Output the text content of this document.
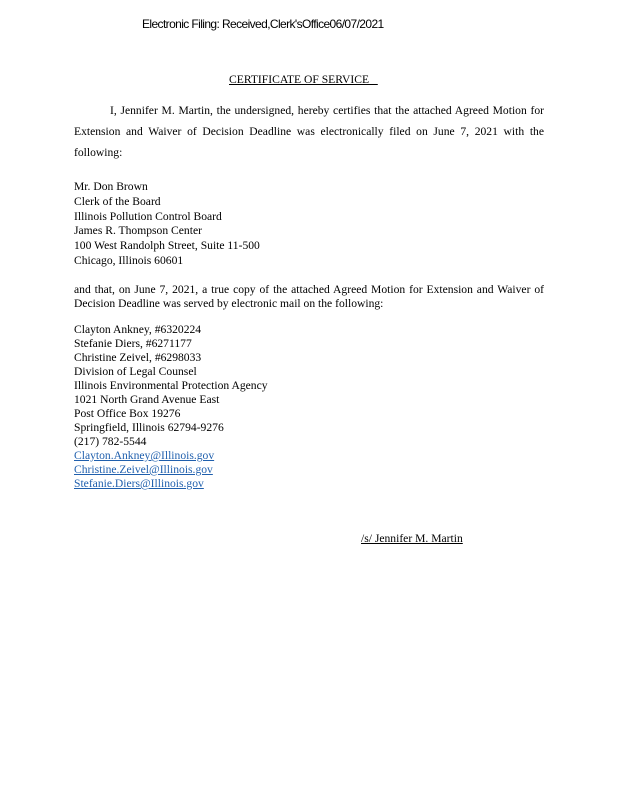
Electronic Filing: Received,Clerk'sOffice06/07/2021
CERTIFICATE OF SERVICE
I, Jennifer M. Martin, the undersigned, hereby certifies that the attached Agreed Motion for Extension and Waiver of Decision Deadline was electronically filed on June 7, 2021 with the following:
Mr. Don Brown
Clerk of the Board
Illinois Pollution Control Board
James R. Thompson Center
100 West Randolph Street, Suite 11-500
Chicago, Illinois 60601
and that, on June 7, 2021, a true copy of the attached Agreed Motion for Extension and Waiver of Decision Deadline was served by electronic mail on the following:
Clayton Ankney, #6320224
Stefanie Diers, #6271177
Christine Zeivel, #6298033
Division of Legal Counsel
Illinois Environmental Protection Agency
1021 North Grand Avenue East
Post Office Box 19276
Springfield, Illinois 62794-9276
(217) 782-5544
Clayton.Ankney@Illinois.gov
Christine.Zeivel@Illinois.gov
Stefanie.Diers@Illinois.gov
/s/ Jennifer M. Martin
